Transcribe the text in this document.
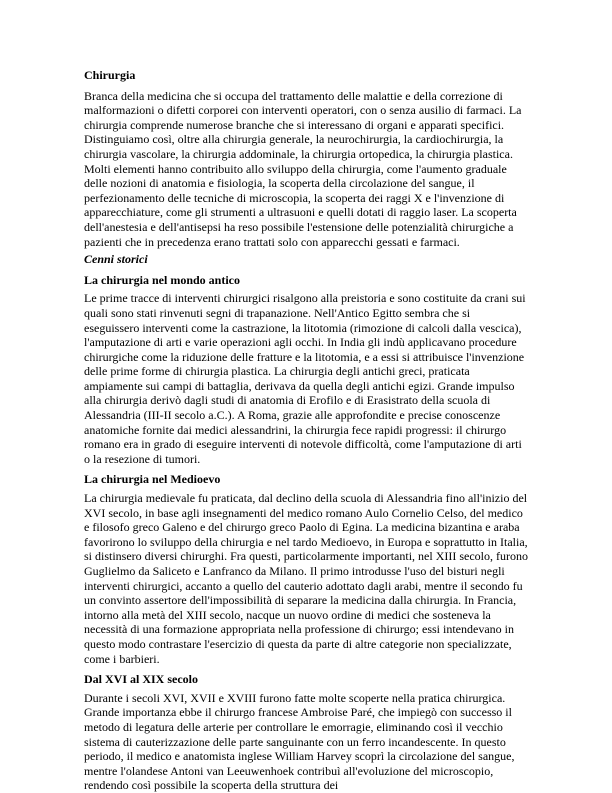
Chirurgia

Branca della medicina che si occupa del trattamento delle malattie e della correzione di malformazioni o difetti corporei con interventi operatori, con o senza ausilio di farmaci. La chirurgia comprende numerose branche che si interessano di organi e apparati specifici. Distinguiamo così, oltre alla chirurgia generale, la neurochirurgia, la cardiochirurgia, la chirurgia vascolare, la chirurgia addominale, la chirurgia ortopedica, la chirurgia plastica. Molti elementi hanno contribuito allo sviluppo della chirurgia, come l'aumento graduale delle nozioni di anatomia e fisiologia, la scoperta della circolazione del sangue, il perfezionamento delle tecniche di microscopia, la scoperta dei raggi X e l'invenzione di apparecchiature, come gli strumenti a ultrasuoni e quelli dotati di raggio laser. La scoperta dell'anestesia e dell'antisepsi ha reso possibile l'estensione delle potenzialità chirurgiche a pazienti che in precedenza erano trattati solo con apparecchi gessati e farmaci.

Cenni storici
La chirurgia nel mondo antico

Le prime tracce di interventi chirurgici risalgono alla preistoria e sono costituite da crani sui quali sono stati rinvenuti segni di trapanazione. Nell'Antico Egitto sembra che si eseguissero interventi come la castrazione, la litotomia (rimozione di calcoli dalla vescica), l'amputazione di arti e varie operazioni agli occhi. In India gli indù applicavano procedure chirurgiche come la riduzione delle fratture e la litotomia, e a essi si attribuisce l'invenzione delle prime forme di chirurgia plastica. La chirurgia degli antichi greci, praticata ampiamente sui campi di battaglia, derivava da quella degli antichi egizi. Grande impulso alla chirurgia derivò dagli studi di anatomia di Erofilo e di Erasistrato della scuola di Alessandria (III-II secolo a.C.). A Roma, grazie alle approfondite e precise conoscenze anatomiche fornite dai medici alessandrini, la chirurgia fece rapidi progressi: il chirurgo romano era in grado di eseguire interventi di notevole difficoltà, come l'amputazione di arti o la resezione di tumori.

La chirurgia nel Medioevo

La chirurgia medievale fu praticata, dal declino della scuola di Alessandria fino all'inizio del XVI secolo, in base agli insegnamenti del medico romano Aulo Cornelio Celso, del medico e filosofo greco Galeno e del chirurgo greco Paolo di Egina. La medicina bizantina e araba favorirono lo sviluppo della chirurgia e nel tardo Medioevo, in Europa e soprattutto in Italia, si distinsero diversi chirurghi. Fra questi, particolarmente importanti, nel XIII secolo, furono Guglielmo da Saliceto e Lanfranco da Milano. Il primo introdusse l'uso del bisturi negli interventi chirurgici, accanto a quello del cauterio adottato dagli arabi, mentre il secondo fu un convinto assertore dell'impossibilità di separare la medicina dalla chirurgia. In Francia, intorno alla metà del XIII secolo, nacque un nuovo ordine di medici che sosteneva la necessità di una formazione appropriata nella professione di chirurgo; essi intendevano in questo modo contrastare l'esercizio di questa da parte di altre categorie non specializzate, come i barbieri.

Dal XVI al XIX secolo

Durante i secoli XVI, XVII e XVIII furono fatte molte scoperte nella pratica chirurgica. Grande importanza ebbe il chirurgo francese Ambroise Paré, che impiegò con successo il metodo di legatura delle arterie per controllare le emorragie, eliminando così il vecchio sistema di cauterizzazione delle parte sanguinante con un ferro incandescente. In questo periodo, il medico e anatomista inglese William Harvey scoprì la circolazione del sangue, mentre l'olandese Antoni van Leeuwenhoek contribuì all'evoluzione del microscopio, rendendo così possibile la scoperta della struttura dei
